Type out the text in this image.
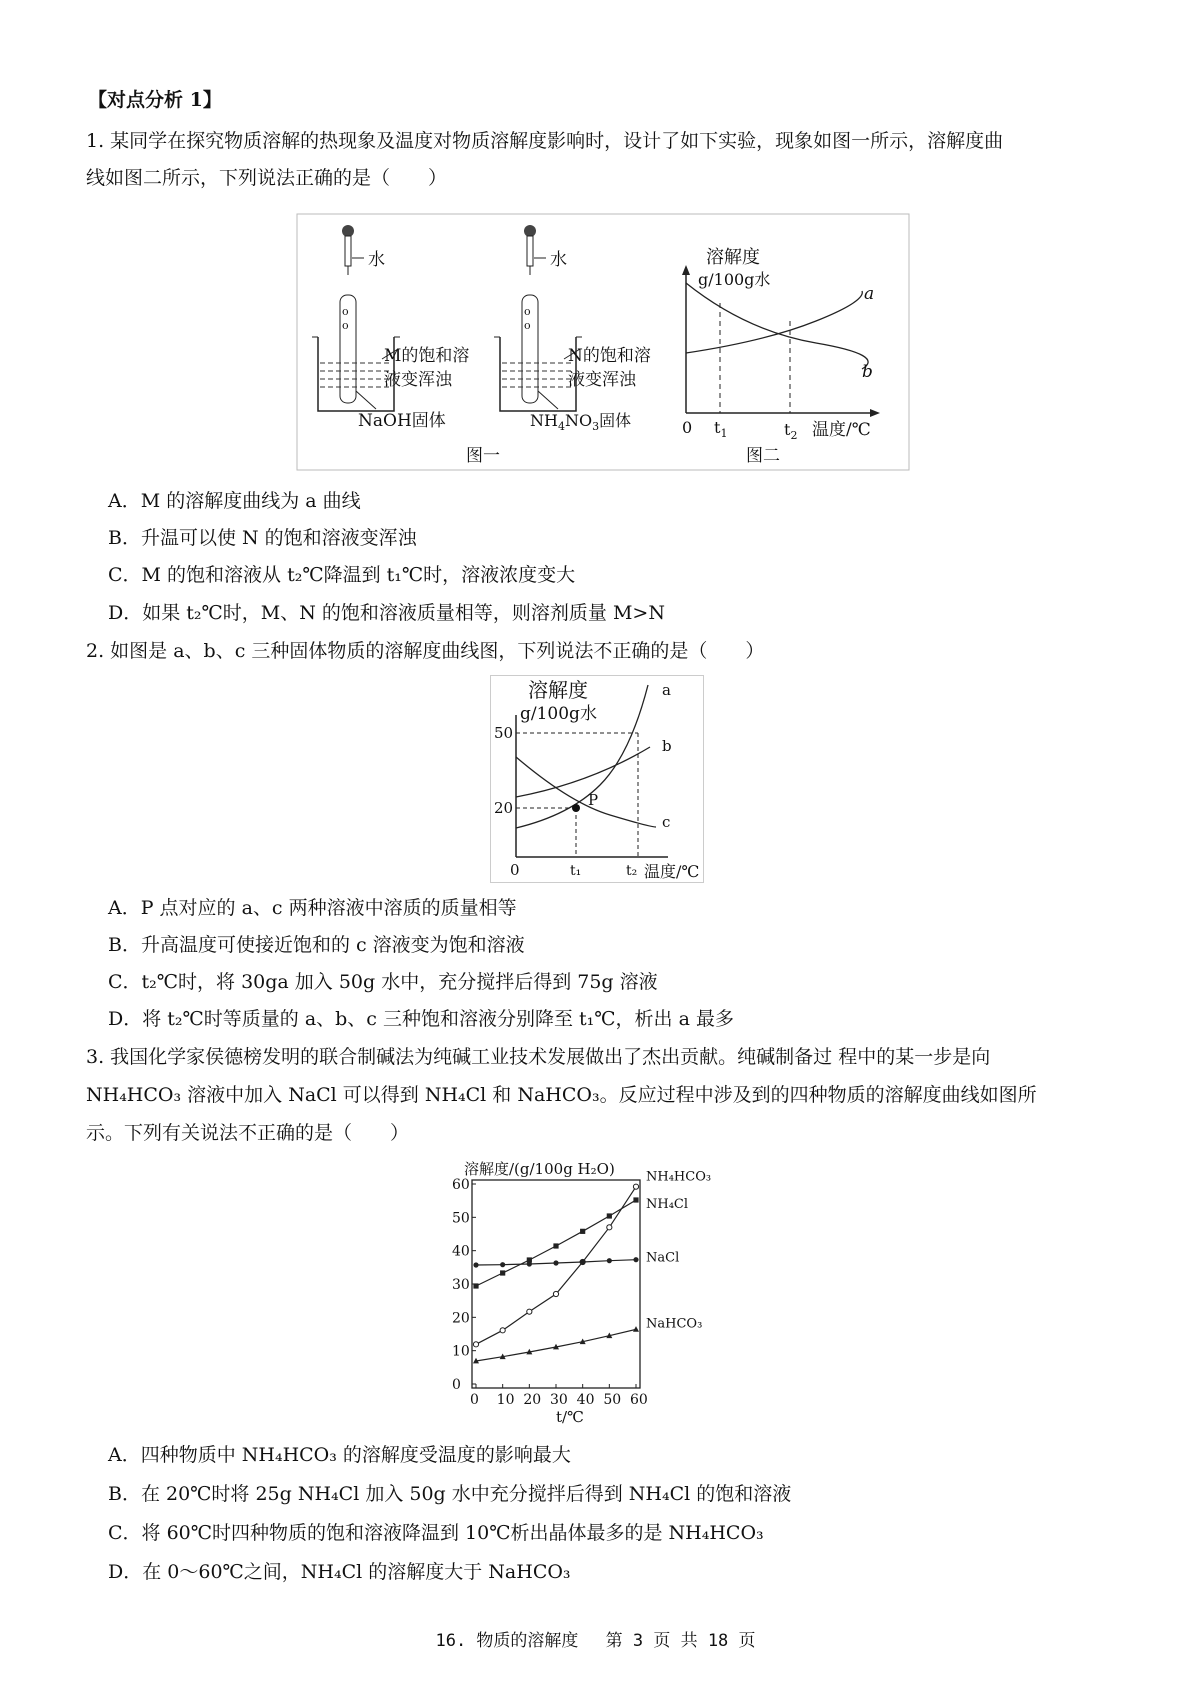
【对点分析 1】
1. 某同学在探究物质溶解的热现象及温度对物质溶解度影响时，设计了如下实验，现象如图一所示，溶解度曲
线如图二所示，下列说法正确的是（　　）
水
o
o
M的饱和溶
液变浑浊
NaOH固体
水
o
o
N的饱和溶
液变浑浊
$NH_4NO_3$固体
溶解度
g/100g水
a
b
0 $t_1$	$t_2$ 温度/℃
图一	图二
A．M 的溶解度曲线为 a 曲线
B．升温可以使 N 的饱和溶液变浑浊
C．M 的饱和溶液从 t₂℃降温到 t₁℃时，溶液浓度变大
D．如果 t₂℃时，M、N 的饱和溶液质量相等，则溶剂质量 M>N
2. 如图是 a、b、c 三种固体物质的溶解度曲线图，下列说法不正确的是（　　）
溶解度
g/100g水
P
a
b
c
50
20
0	t₁	t₂ 温度/℃
A．P 点对应的 a、c 两种溶液中溶质的质量相等
B．升高温度可使接近饱和的 c 溶液变为饱和溶液
C．t₂℃时，将 30ga 加入 50g 水中，充分搅拌后得到 75g 溶液
D．将 t₂℃时等质量的 a、b、c 三种饱和溶液分别降至 t₁℃，析出 a 最多
3. 我国化学家侯德榜发明的联合制碱法为纯碱工业技术发展做出了杰出贡献。纯碱制备过 程中的某一步是向
NH₄HCO₃ 溶液中加入 NaCl 可以得到 NH₄Cl 和 NaHCO₃。反应过程中涉及到的四种物质的溶解度曲线如图所
示。下列有关说法不正确的是（　　）
溶解度/(g/100g H₂O)
0 10 20 30 40 50 60
0
10
20
30
40
50
60	NH₄HCO₃
NH₄Cl
NaCl
NaHCO₃
t/℃
A．四种物质中 NH₄HCO₃ 的溶解度受温度的影响最大
B．在 20℃时将 25g NH₄Cl 加入 50g 水中充分搅拌后得到 NH₄Cl 的饱和溶液
C．将 60℃时四种物质的饱和溶液降温到 10℃析出晶体最多的是 NH₄HCO₃
D．在 0～60℃之间，NH₄Cl 的溶解度大于 NaHCO₃
16. 物质的溶解度　 第 3 页 共 18 页
